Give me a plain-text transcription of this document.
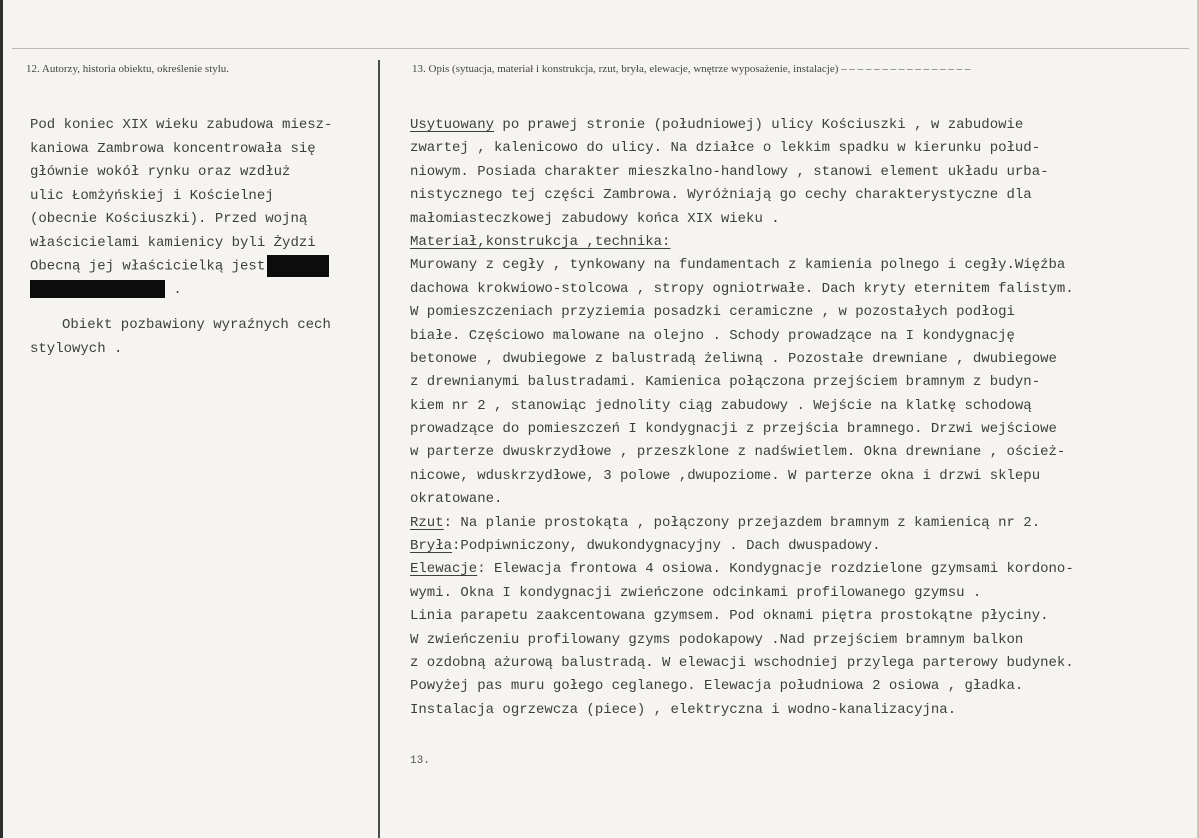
12. Autorzy, historia obiektu, określenie stylu.	13. Opis (sytuacja, materiał i konstrukcja, rzut, bryła, elewacje, wnętrze wyposażenie, instalacje) – – – – – – – – – – – – – – – –
Pod koniec XIX wieku zabudowa miesz-
kaniowa Zambrowa koncentrowała się
głównie wokół rynku oraz wzdłuż
ulic Łomżyńskiej i Kościelnej
(obecnie Kościuszki). Przed wojną
właścicielami kamienicy byli Żydzi
Obecną jej właścicielką jest
.
Obiekt pozbawiony wyraźnych cech
stylowych .
Usytuowany po prawej stronie (południowej) ulicy Kościuszki , w zabudowie
zwartej , kalenicowo do ulicy. Na działce o lekkim spadku w kierunku połud-
niowym. Posiada charakter mieszkalno-handlowy , stanowi element układu urba-
nistycznego tej części Zambrowa. Wyróżniają go cechy charakterystyczne dla
małomiasteczkowej zabudowy końca XIX wieku .
Materiał,konstrukcja ,technika:
Murowany z cegły , tynkowany na fundamentach z kamienia polnego i cegły.Więźba
dachowa krokwiowo-stolcowa , stropy ogniotrwałe. Dach kryty eternitem falistym.
W pomieszczeniach przyziemia posadzki ceramiczne , w pozostałych podłogi
białe. Częściowo malowane na olejno . Schody prowadzące na I kondygnację
betonowe , dwubiegowe z balustradą żeliwną . Pozostałe drewniane , dwubiegowe
z drewnianymi balustradami. Kamienica połączona przejściem bramnym z budyn-
kiem nr 2 , stanowiąc jednolity ciąg zabudowy . Wejście na klatkę schodową
prowadzące do pomieszczeń I kondygnacji z przejścia bramnego. Drzwi wejściowe
w parterze dwuskrzydłowe , przeszklone z nadświetlem. Okna drewniane , oścież-
nicowe, wduskrzydłowe, 3 polowe ,dwupoziome. W parterze okna i drzwi sklepu
okratowane.
Rzut: Na planie prostokąta , połączony przejazdem bramnym z kamienicą nr 2.
Bryła:Podpiwniczony, dwukondygnacyjny . Dach dwuspadowy.
Elewacje: Elewacja frontowa 4 osiowa. Kondygnacje rozdzielone gzymsami kordono-
wymi. Okna I kondygnacji zwieńczone odcinkami profilowanego gzymsu .
Linia parapetu zaakcentowana gzymsem. Pod oknami piętra prostokątne płyciny.
W zwieńczeniu profilowany gzyms podokapowy .Nad przejściem bramnym balkon
z ozdobną ażurową balustradą. W elewacji wschodniej przylega parterowy budynek.
Powyżej pas muru gołego ceglanego. Elewacja południowa 2 osiowa , gładka.
Instalacja ogrzewcza (piece) , elektryczna i wodno-kanalizacyjna.
13.
